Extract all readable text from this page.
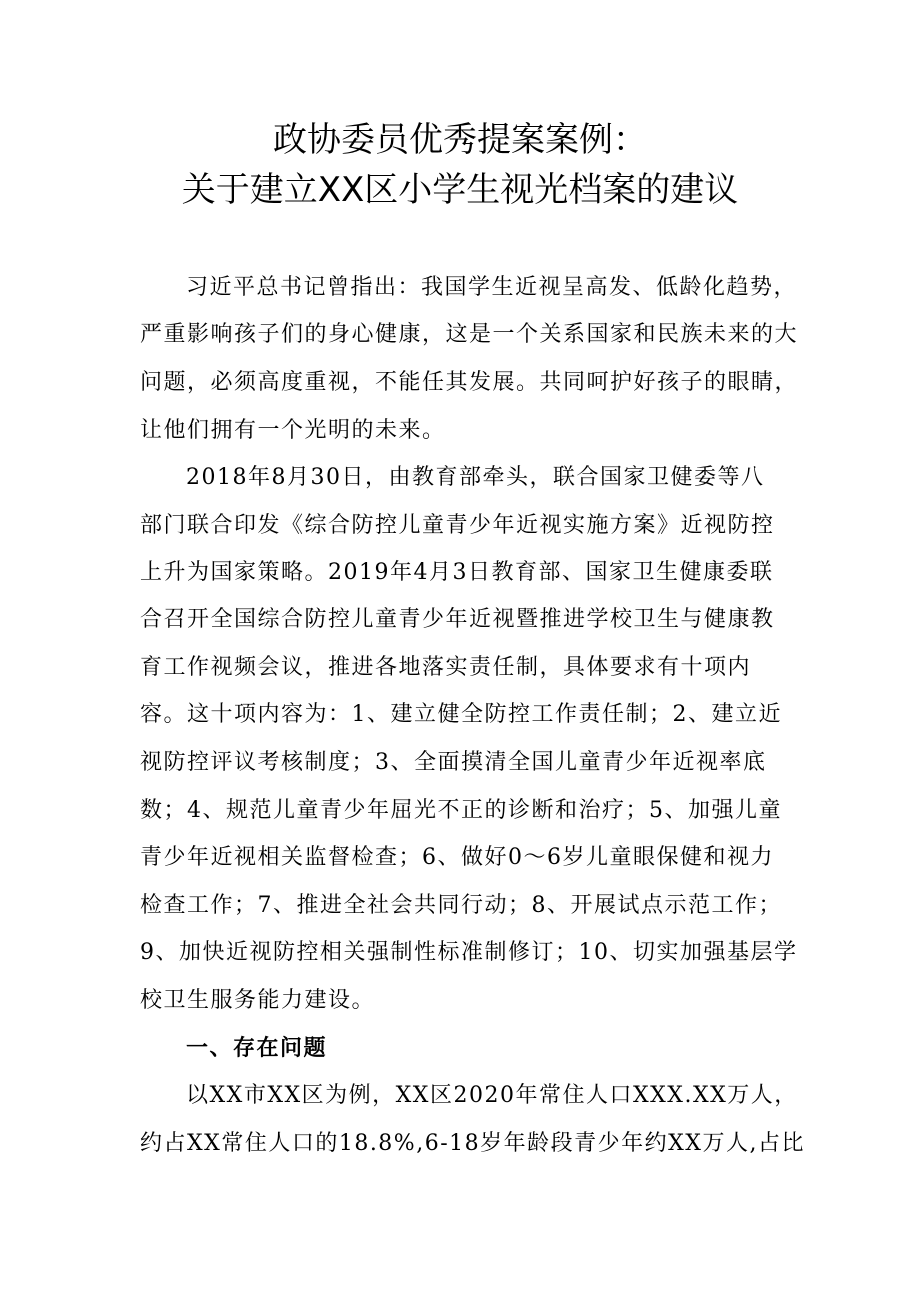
政协委员优秀提案案例：
关于建立XX区小学生视光档案的建议
习近平总书记曾指出：我国学生近视呈高发、低龄化趋势，
严重影响孩子们的身心健康，这是一个关系国家和民族未来的大
问题，必须高度重视，不能任其发展。共同呵护好孩子的眼睛，
让他们拥有一个光明的未来。
2018年8月30日，由教育部牵头，联合国家卫健委等八
部门联合印发《综合防控儿童青少年近视实施方案》近视防控
上升为国家策略。2019年4月3日教育部、国家卫生健康委联
合召开全国综合防控儿童青少年近视暨推进学校卫生与健康教
育工作视频会议，推进各地落实责任制，具体要求有十项内
容。这十项内容为：1、建立健全防控工作责任制；2、建立近
视防控评议考核制度；3、全面摸清全国儿童青少年近视率底
数；4、规范儿童青少年屈光不正的诊断和治疗；5、加强儿童
青少年近视相关监督检查；6、做好0～6岁儿童眼保健和视力
检查工作；7、推进全社会共同行动；8、开展试点示范工作；
9、加快近视防控相关强制性标准制修订；10、切实加强基层学
校卫生服务能力建设。
一、存在问题
以XX市XX区为例，XX区2020年常住人口XXX.XX万人，
约占XX常住人口的18.8%,6-18岁年龄段青少年约XX万人,占比
